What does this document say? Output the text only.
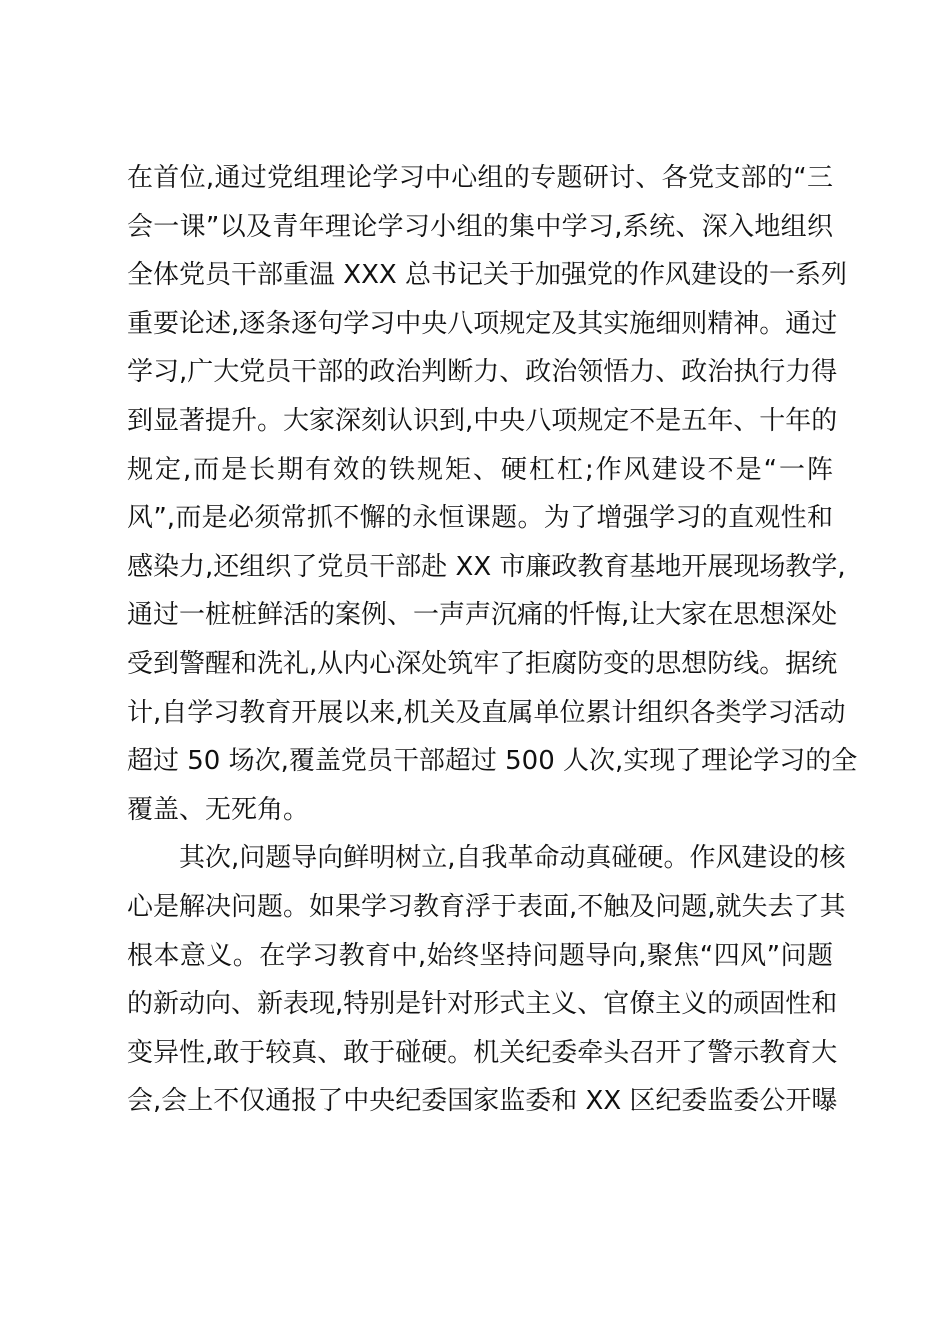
在首位,通过党组理论学习中心组的专题研讨、各党支部的“三
会一课”以及青年理论学习小组的集中学习,系统、深入地组织
全体党员干部重温 XXX 总书记关于加强党的作风建设的一系列
重要论述,逐条逐句学习中央八项规定及其实施细则精神。通过
学习,广大党员干部的政治判断力、政治领悟力、政治执行力得
到显著提升。大家深刻认识到,中央八项规定不是五年、十年的
规定,而是长期有效的铁规矩、硬杠杠;作风建设不是“一阵
风”,而是必须常抓不懈的永恒课题。为了增强学习的直观性和
感染力,还组织了党员干部赴 XX 市廉政教育基地开展现场教学,
通过一桩桩鲜活的案例、一声声沉痛的忏悔,让大家在思想深处
受到警醒和洗礼,从内心深处筑牢了拒腐防变的思想防线。据统
计,自学习教育开展以来,机关及直属单位累计组织各类学习活动
超过 50 场次,覆盖党员干部超过 500 人次,实现了理论学习的全
覆盖、无死角。
其次,问题导向鲜明树立,自我革命动真碰硬。作风建设的核
心是解决问题。如果学习教育浮于表面,不触及问题,就失去了其
根本意义。在学习教育中,始终坚持问题导向,聚焦“四风”问题
的新动向、新表现,特别是针对形式主义、官僚主义的顽固性和
变异性,敢于较真、敢于碰硬。机关纪委牵头召开了警示教育大
会,会上不仅通报了中央纪委国家监委和 XX 区纪委监委公开曝
